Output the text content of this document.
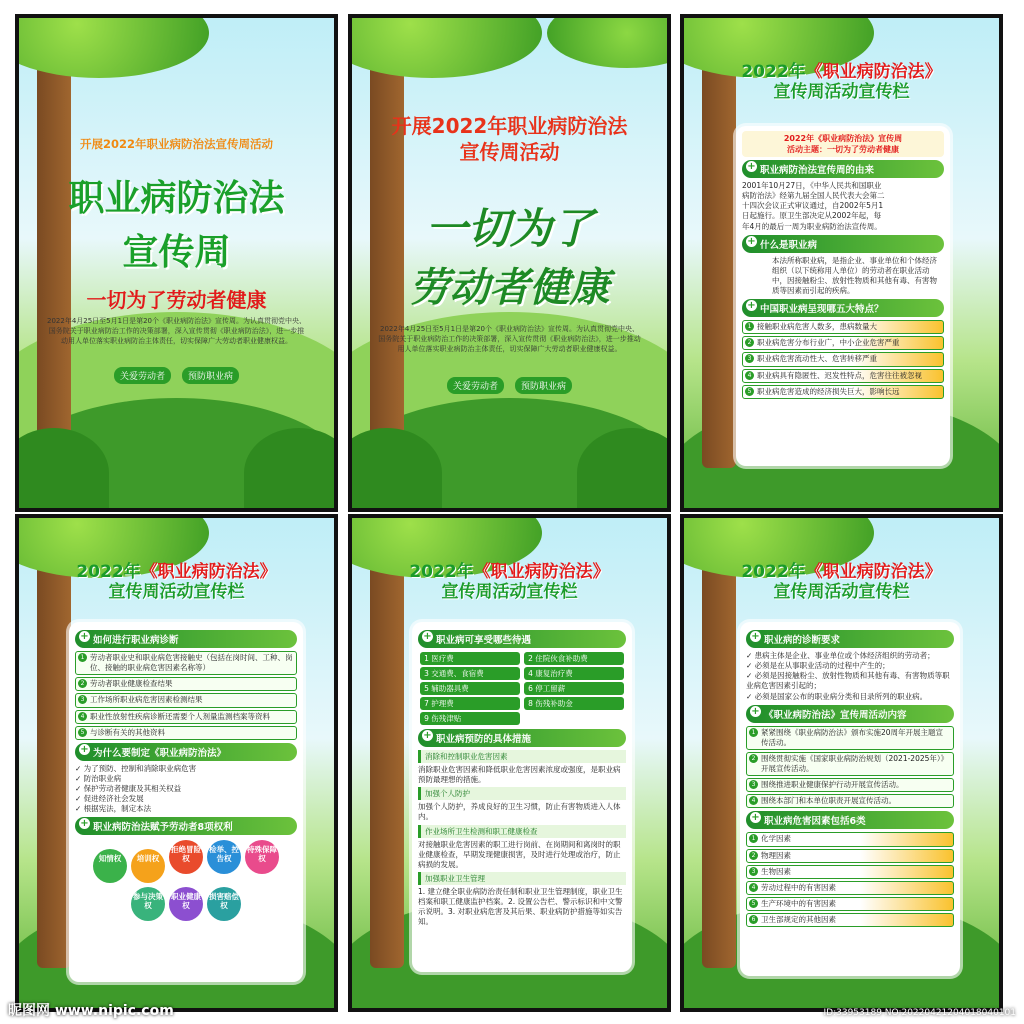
开展2022年职业病防治法宣传周活动
职业病防治法
宣传周
一切为了劳动者健康
2022年4月25日至5月1日是第20个《职业病防治法》宣传周。为认真贯彻党中央、国务院关于职业病防治工作的决策部署，深入宣传贯彻《职业病防治法》，进一步推动用人单位落实职业病防治主体责任，切实保障广大劳动者职业健康权益。
关爱劳动者	预防职业病
开展2022年职业病防治法宣传周活动
一切为了
劳动者健康
2022年4月25日至5月1日是第20个《职业病防治法》宣传周。为认真贯彻党中央、国务院关于职业病防治工作的决策部署，深入宣传贯彻《职业病防治法》，进一步推动用人单位落实职业病防治主体责任，切实保障广大劳动者职业健康权益。
关爱劳动者	预防职业病
2022年《职业病防治法》
宣传周活动宣传栏
2022年《职业病防治法》宣传周
活动主题：一切为了劳动者健康
+ 职业病防治法宣传周的由来
2001年10月27日，《中华人民共和国职业病防治法》经第九届全国人民代表大会第二十四次会议正式审议通过，自2002年5月1日起施行。原卫生部决定从2002年起，每年4月的最后一周为职业病防治法宣传周。
+ 什么是职业病
本法所称职业病，是指企业、事业单位和个体经济组织（以下统称用人单位）的劳动者在职业活动中，因接触粉尘、放射性物质和其他有毒、有害物质等因素而引起的疾病。
+ 中国职业病呈现哪五大特点？
1 接触职业病危害人数多，患病数量大
2 职业病危害分布行业广，中小企业危害严重
3 职业病危害流动性大、危害转移严重
4 职业病具有隐匿性、迟发性特点，危害往往被忽视
5 职业病危害造成的经济损失巨大，影响长远
2022年《职业病防治法》
宣传周活动宣传栏
+ 如何进行职业病诊断
1 劳动者职业史和职业病危害接触史（包括在岗时间、工种、岗位、接触的职业病危害因素名称等）
2 劳动者职业健康检查结果
3 工作场所职业病危害因素检测结果
4 职业性放射性疾病诊断还需要个人剂量监测档案等资料
5 与诊断有关的其他资料
+ 为什么要制定《职业病防治法》
✓ 为了预防、控制和消除职业病危害
✓ 防治职业病
✓ 保护劳动者健康及其相关权益
✓ 促进经济社会发展
✓ 根据宪法，制定本法
+ 职业病防治法赋予劳动者8项权利
知情权 培训权拒绝冒险权检举、控告权特殊保障权参与决策权职业健康权损害赔偿权
2022年《职业病防治法》
宣传周活动宣传栏
+ 职业病可享受哪些待遇
1 医疗费	2 住院伙食补助费
3 交通费、食宿费	4 康复治疗费
5 辅助器具费	6 停工留薪
7 护理费	8 伤残补助金
9 伤残津贴
+ 职业病预防的具体措施
消除和控制职业危害因素
消除职业危害因素和降低职业危害因素浓度或强度，是职业病预防最理想的措施。
加强个人防护
加强个人防护，养成良好的卫生习惯，防止有害物质进入人体内。
作业场所卫生检测和职工健康检查
对接触职业危害因素的职工进行岗前、在岗期间和离岗时的职业健康检查，早期发现健康损害，及时进行处理或治疗，防止病损的发展。
加强职业卫生管理
1. 建立健全职业病防治责任制和职业卫生管理制度，职业卫生档案和职工健康监护档案。2. 设置公告栏、警示标识和中文警示说明。3. 对职业病危害及其后果、职业病防护措施等如实告知。
2022年《职业病防治法》
宣传周活动宣传栏
+ 职业病的诊断要求
✓ 患病主体是企业、事业单位或个体经济组织的劳动者；
✓ 必须是在从事职业活动的过程中产生的；
✓ 必须是因接触粉尘、放射性物质和其他有毒、有害物质等职业病危害因素引起的；
✓ 必须是国家公布的职业病分类和目录所列的职业病。
+ 《职业病防治法》宣传周活动内容
1 紧紧围绕《职业病防治法》颁布实施20周年开展主题宣传活动。
2 围绕贯彻实施《国家职业病防治规划（2021-2025年）》开展宣传活动。
3 围绕推进职业健康保护行动开展宣传活动。
4 围绕本部门和本单位职责开展宣传活动。
+ 职业病危害因素包括6类
1 化学因素
2 物理因素
3 生物因素
4 劳动过程中的有害因素
5 生产环境中的有害因素
6 卫生部规定的其他因素
昵图网 www.nipic.com	ID:33953189 NO:20220421204018040101
